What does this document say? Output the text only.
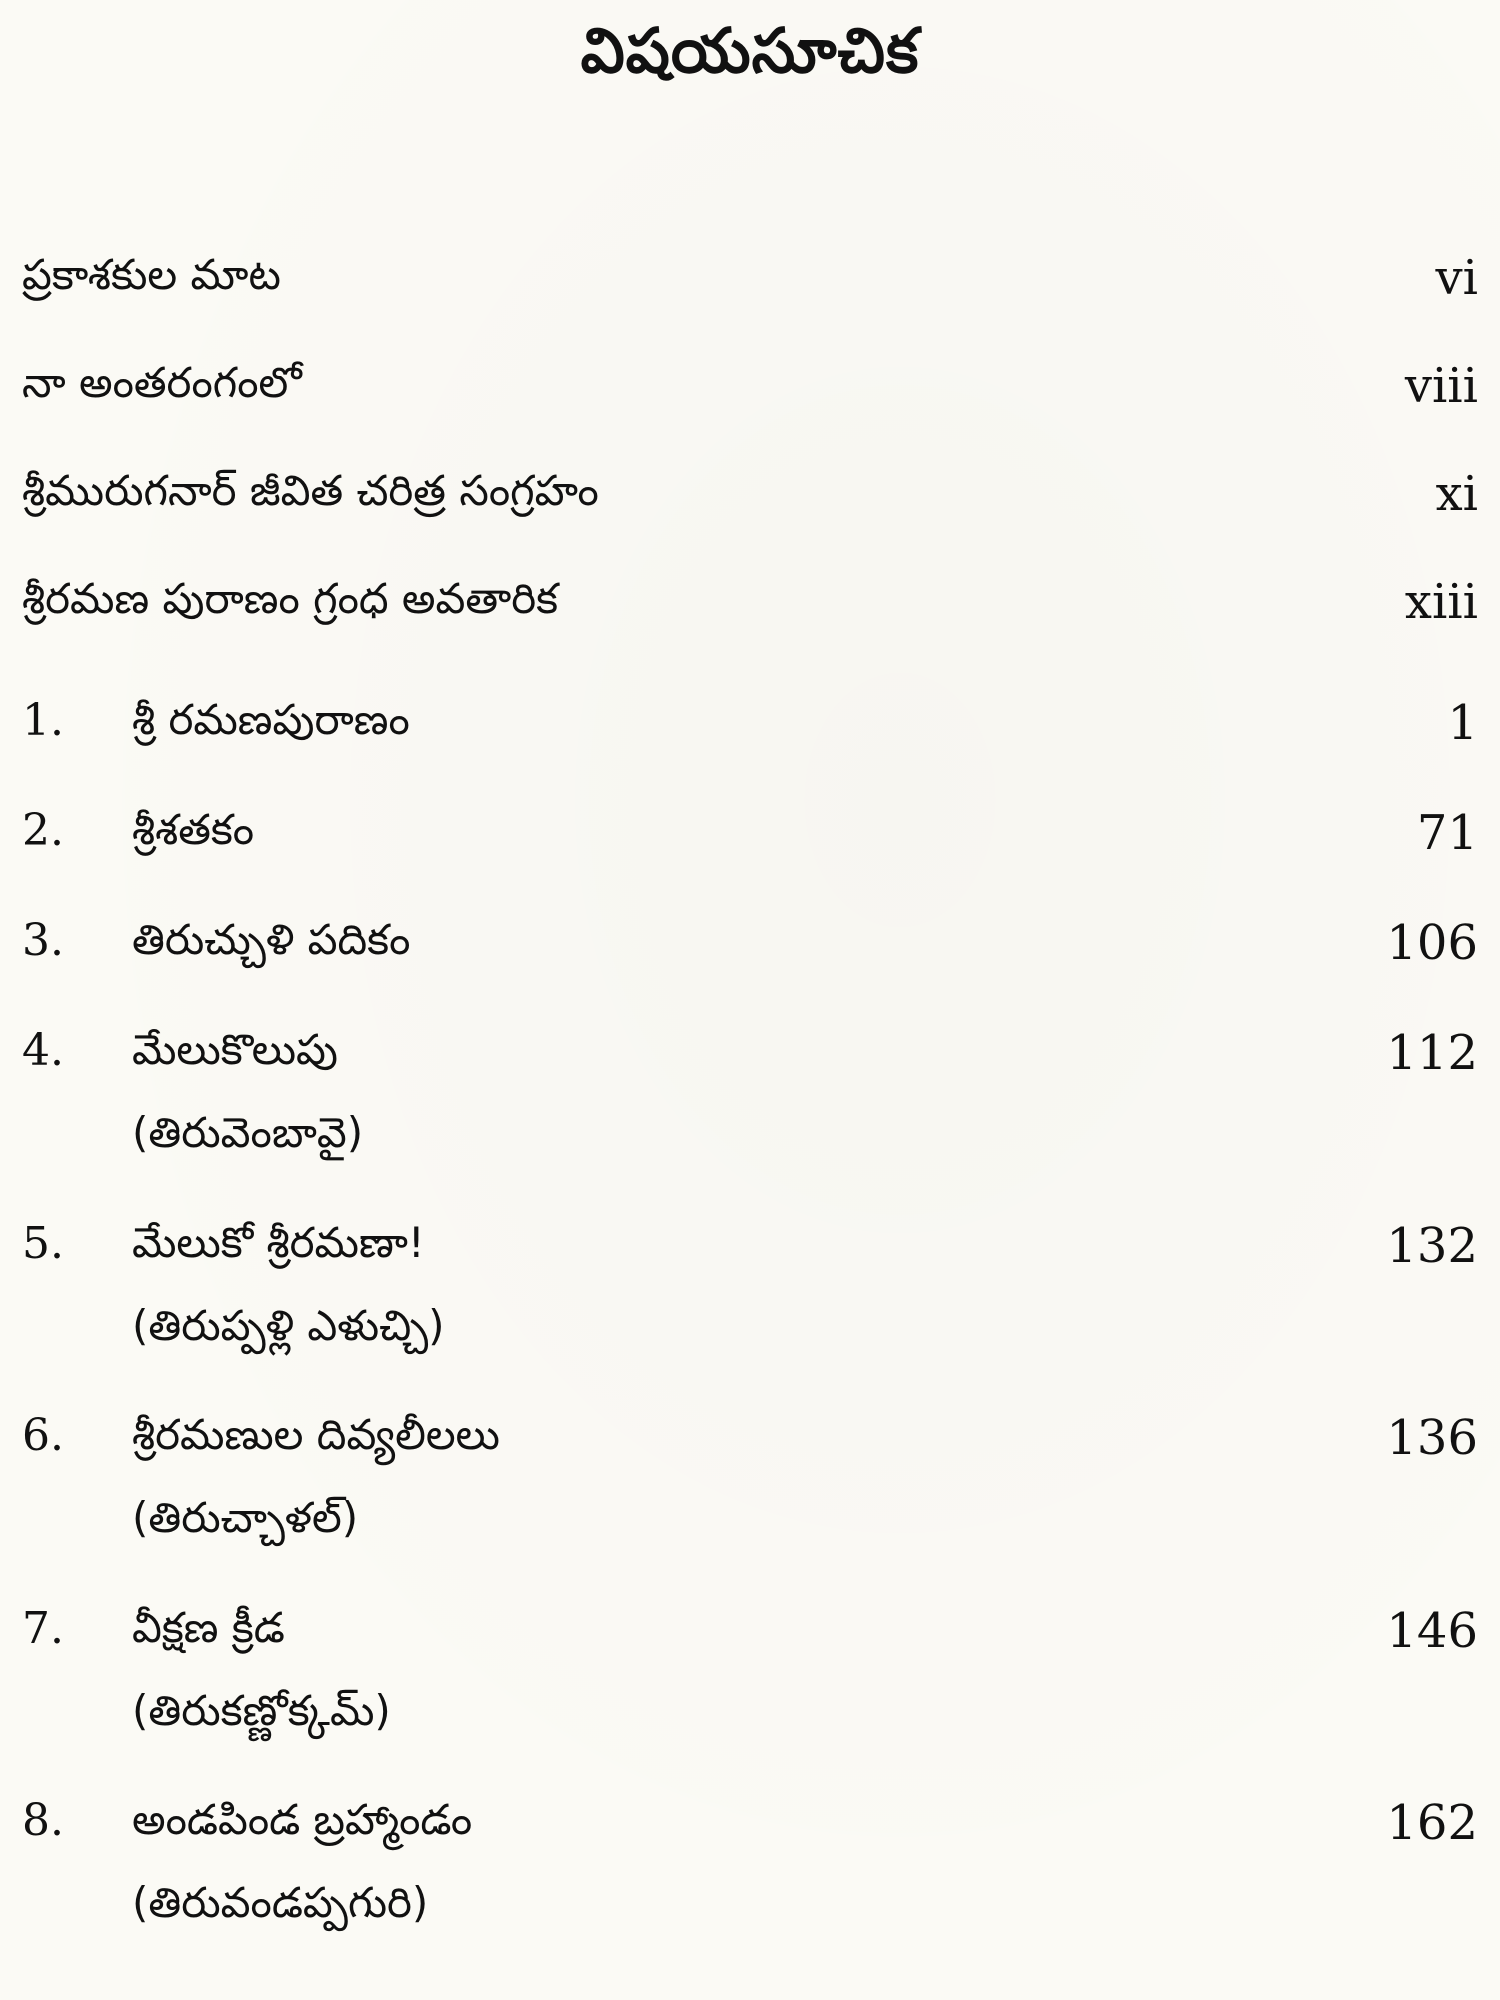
విషయసూచిక
ప్రకాశకుల మాట	vi
నా అంతరంగంలో	viii
శ్రీమురుగనార్ జీవిత చరిత్ర సంగ్రహం	xi
శ్రీరమణ పురాణం గ్రంధ అవతారిక	xiii
1. శ్రీ రమణపురాణం	1
2. శ్రీశతకం	71
3. తిరుచ్చుళి పదికం	106
4. మేలుకొలుపు	112
(తిరువెంబావై)
5. మేలుకో శ్రీరమణా!	132
(తిరుప్పళ్లి ఎళుచ్చి)
6. శ్రీరమణుల దివ్యలీలలు	136
(తిరుచ్చాళల్)
7. వీక్షణ క్రీడ	146
(తిరుకణ్ణోక్కమ్)
8. అండపిండ బ్రహ్మాండం	162
(తిరువండప్పగురి)
